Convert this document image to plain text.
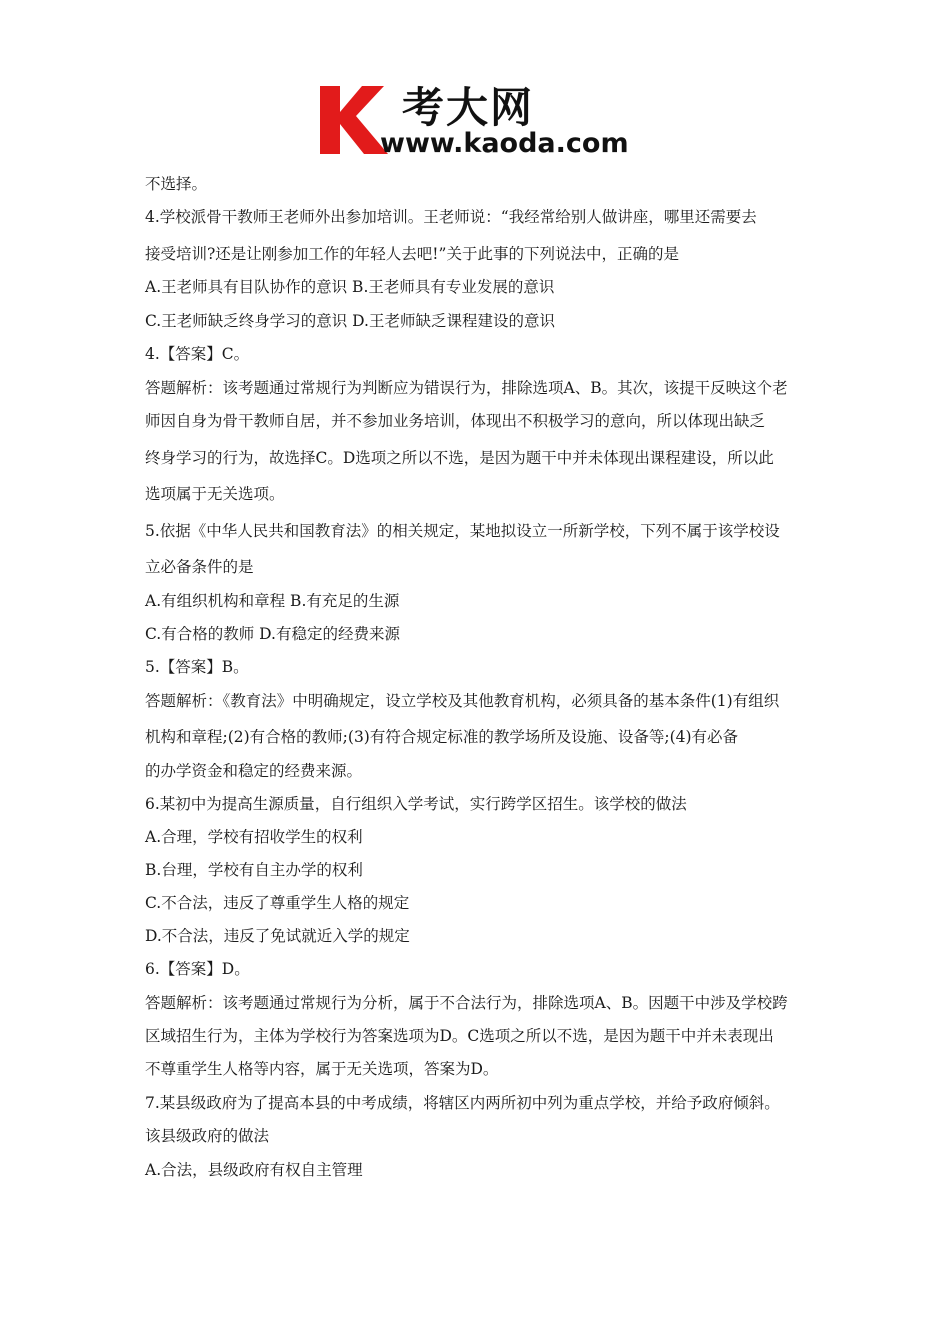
考大网
www.kaoda.com
不选择。
4.学校派骨干教师王老师外出参加培训。王老师说：“我经常给别人做讲座，哪里还需要去
接受培训?还是让刚参加工作的年轻人去吧!”关于此事的下列说法中，正确的是
A.王老师具有目队协作的意识 B.王老师具有专业发展的意识
C.王老师缺乏终身学习的意识 D.王老师缺乏课程建设的意识
4.【答案】C。
答题解析：该考题通过常规行为判断应为错误行为，排除选项A、B。其次，该提干反映这个老
师因自身为骨干教师自居，并不参加业务培训，体现出不积极学习的意向，所以体现出缺乏
终身学习的行为，故选择C。D选项之所以不选，是因为题干中并未体现出课程建设，所以此
选项属于无关选项。
5.依据《中华人民共和国教育法》的相关规定，某地拟设立一所新学校，下列不属于该学校设
立必备条件的是
A.有组织机构和章程 B.有充足的生源
C.有合格的教师 D.有稳定的经费来源
5.【答案】B。
答题解析：《教育法》中明确规定，设立学校及其他教育机构，必须具备的基本条件(1)有组织
机构和章程;(2)有合格的教师;(3)有符合规定标准的教学场所及设施、设备等;(4)有必备
的办学资金和稳定的经费来源。
6.某初中为提高生源质量，自行组织入学考试，实行跨学区招生。该学校的做法
A.合理，学校有招收学生的权利
B.台理，学校有自主办学的权利
C.不合法，违反了尊重学生人格的规定
D.不合法，违反了免试就近入学的规定
6.【答案】D。
答题解析：该考题通过常规行为分析，属于不合法行为，排除选项A、B。因题干中涉及学校跨
区域招生行为，主体为学校行为答案选项为D。C选项之所以不选，是因为题干中并未表现出
不尊重学生人格等内容，属于无关选项，答案为D。
7.某县级政府为了提高本县的中考成绩，将辖区内两所初中列为重点学校，并给予政府倾斜。
该县级政府的做法
A.合法，县级政府有权自主管理
